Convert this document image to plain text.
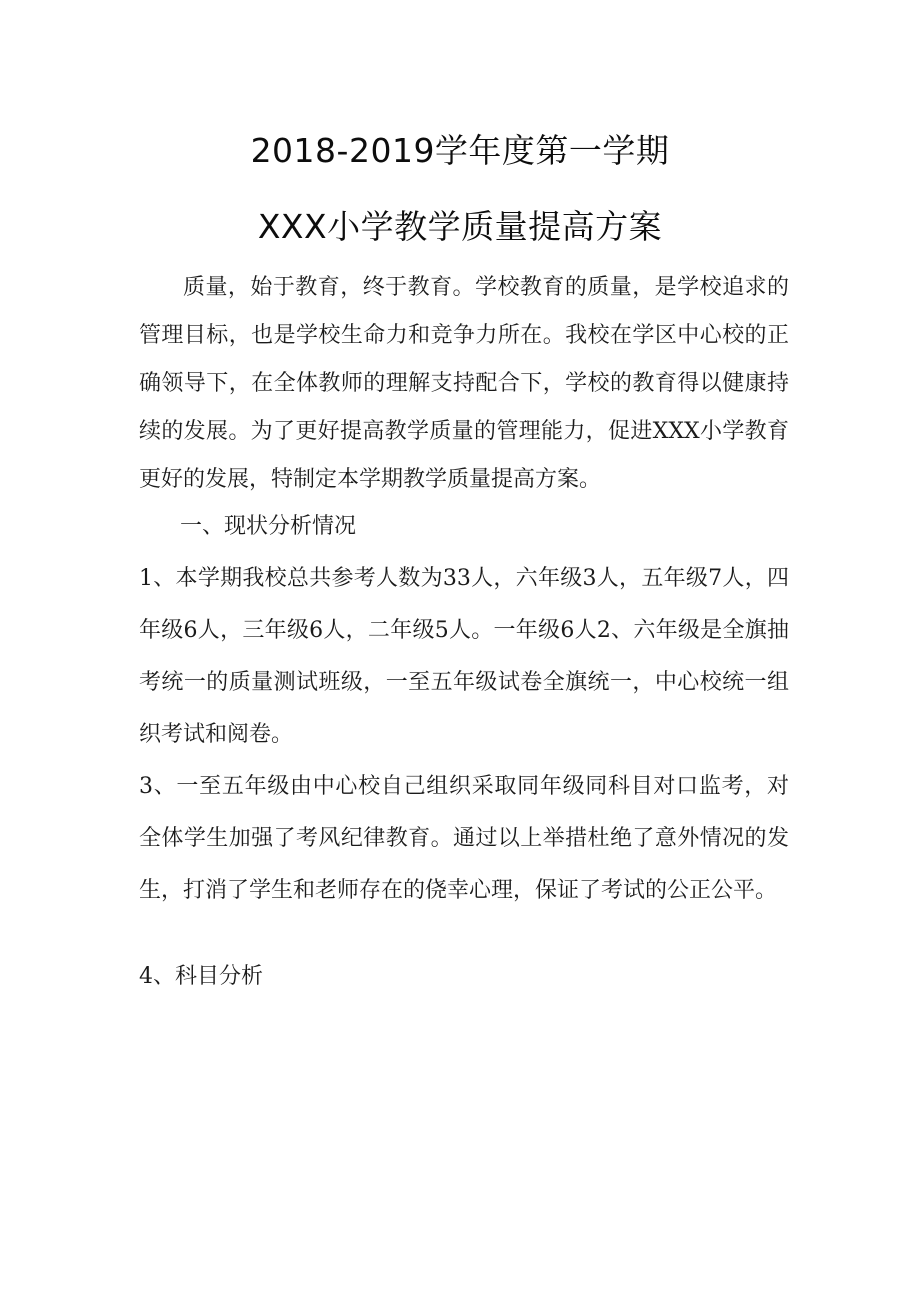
2018-2019学年度第一学期
XXX小学教学质量提高方案

质量，始于教育，终于教育。学校教育的质量，是学校追求的管理目标，也是学校生命力和竞争力所在。我校在学区中心校的正确领导下，在全体教师的理解支持配合下，学校的教育得以健康持续的发展。为了更好提高教学质量的管理能力，促进XXX小学教育更好的发展，特制定本学期教学质量提高方案。

一、现状分析情况

1、本学期我校总共参考人数为33人，六年级3人，五年级7人，四年级6人，三年级6人，二年级5人。一年级6人2、六年级是全旗抽考统一的质量测试班级，一至五年级试卷全旗统一，中心校统一组织考试和阅卷。

3、一至五年级由中心校自己组织采取同年级同科目对口监考，对全体学生加强了考风纪律教育。通过以上举措杜绝了意外情况的发生，打消了学生和老师存在的侥幸心理，保证了考试的公正公平。

4、科目分析
